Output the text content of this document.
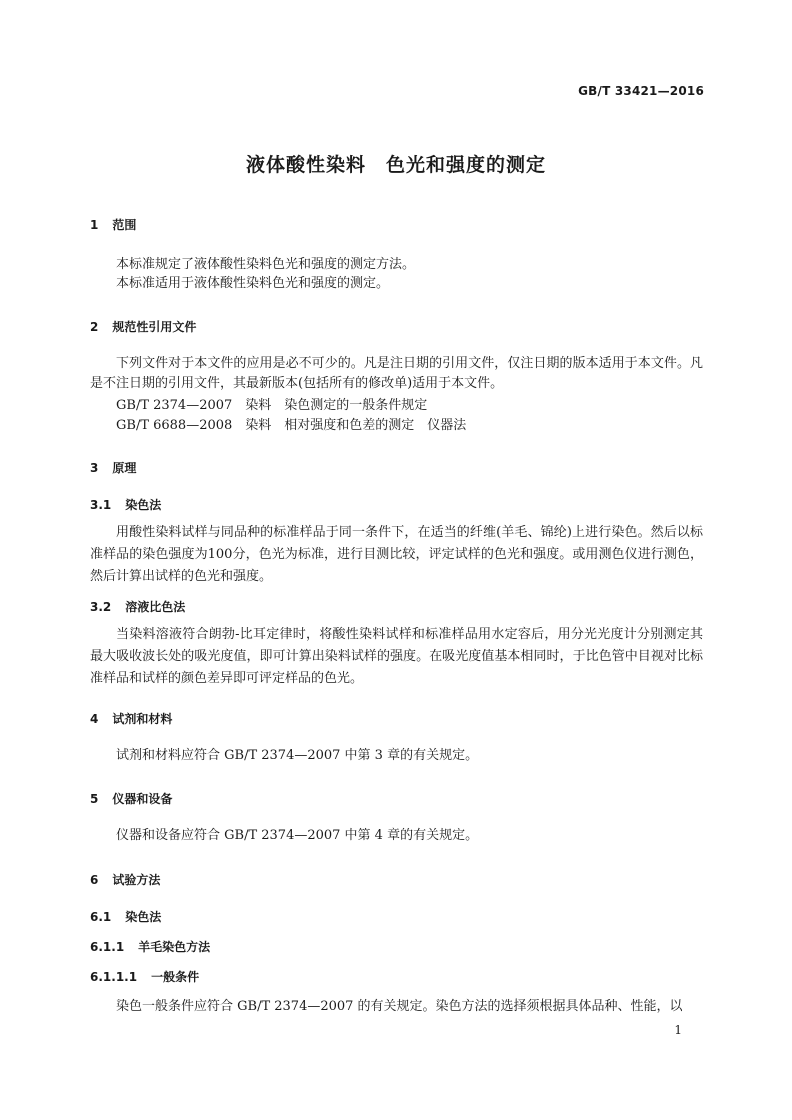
GB/T 33421—2016
液体酸性染料　色光和强度的测定
1 范围
本标准规定了液体酸性染料色光和强度的测定方法。
本标准适用于液体酸性染料色光和强度的测定。
2 规范性引用文件
下列文件对于本文件的应用是必不可少的。凡是注日期的引用文件，仅注日期的版本适用于本文件。凡是不注日期的引用文件，其最新版本(包括所有的修改单)适用于本文件。
GB/T 2374—2007　染料　染色测定的一般条件规定
GB/T 6688—2008　染料　相对强度和色差的测定　仪器法
3 原理
3.1 染色法
用酸性染料试样与同品种的标准样品于同一条件下，在适当的纤维(羊毛、锦纶)上进行染色。然后以标准样品的染色强度为100分，色光为标准，进行目测比较，评定试样的色光和强度。或用测色仪进行测色，然后计算出试样的色光和强度。
3.2 溶液比色法
当染料溶液符合朗勃-比耳定律时，将酸性染料试样和标准样品用水定容后，用分光光度计分别测定其最大吸收波长处的吸光度值，即可计算出染料试样的强度。在吸光度值基本相同时，于比色管中目视对比标准样品和试样的颜色差异即可评定样品的色光。
4 试剂和材料
试剂和材料应符合 GB/T 2374—2007 中第 3 章的有关规定。
5 仪器和设备
仪器和设备应符合 GB/T 2374—2007 中第 4 章的有关规定。
6 试验方法
6.1 染色法
6.1.1 羊毛染色方法
6.1.1.1 一般条件
染色一般条件应符合 GB/T 2374—2007 的有关规定。染色方法的选择须根据具体品种、性能，以
1
